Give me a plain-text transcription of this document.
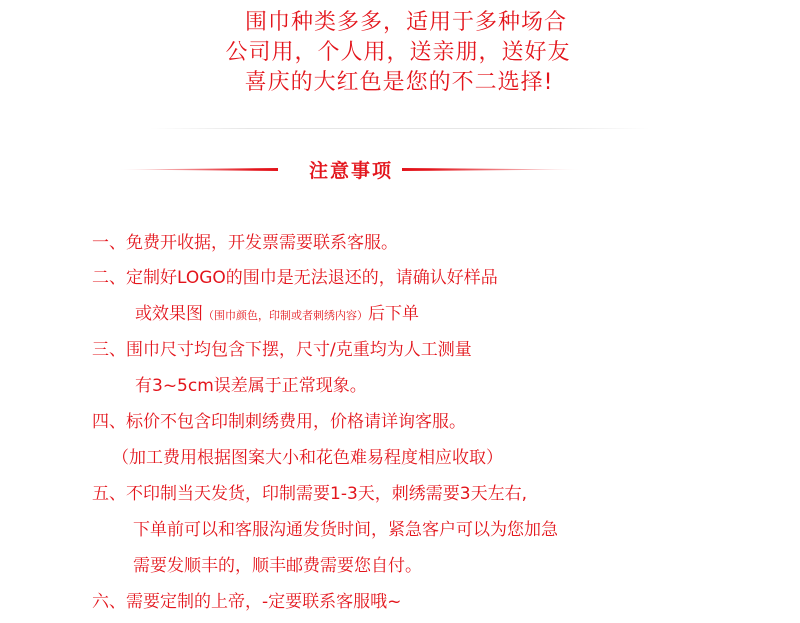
围巾种类多多，适用于多种场合
公司用，个人用，送亲朋，送好友
喜庆的大红色是您的不二选择!
注意事项
一、免费开收据，开发票需要联系客服。
二、定制好LOGO的围巾是无法退还的，请确认好样品
或效果图（围巾颜色，印制或者刺绣内容）后下单
三、围巾尺寸均包含下摆，尺寸/克重均为人工测量
有3~5cm误差属于正常现象。
四、标价不包含印制刺绣费用，价格请详询客服。
（加工费用根据图案大小和花色难易程度相应收取）
五、不印制当天发货，印制需要1-3天，刺绣需要3天左右,
下单前可以和客服沟通发货时间，紧急客户可以为您加急
需要发顺丰的，顺丰邮费需要您自付。
六、需要定制的上帝，-定要联系客服哦~
